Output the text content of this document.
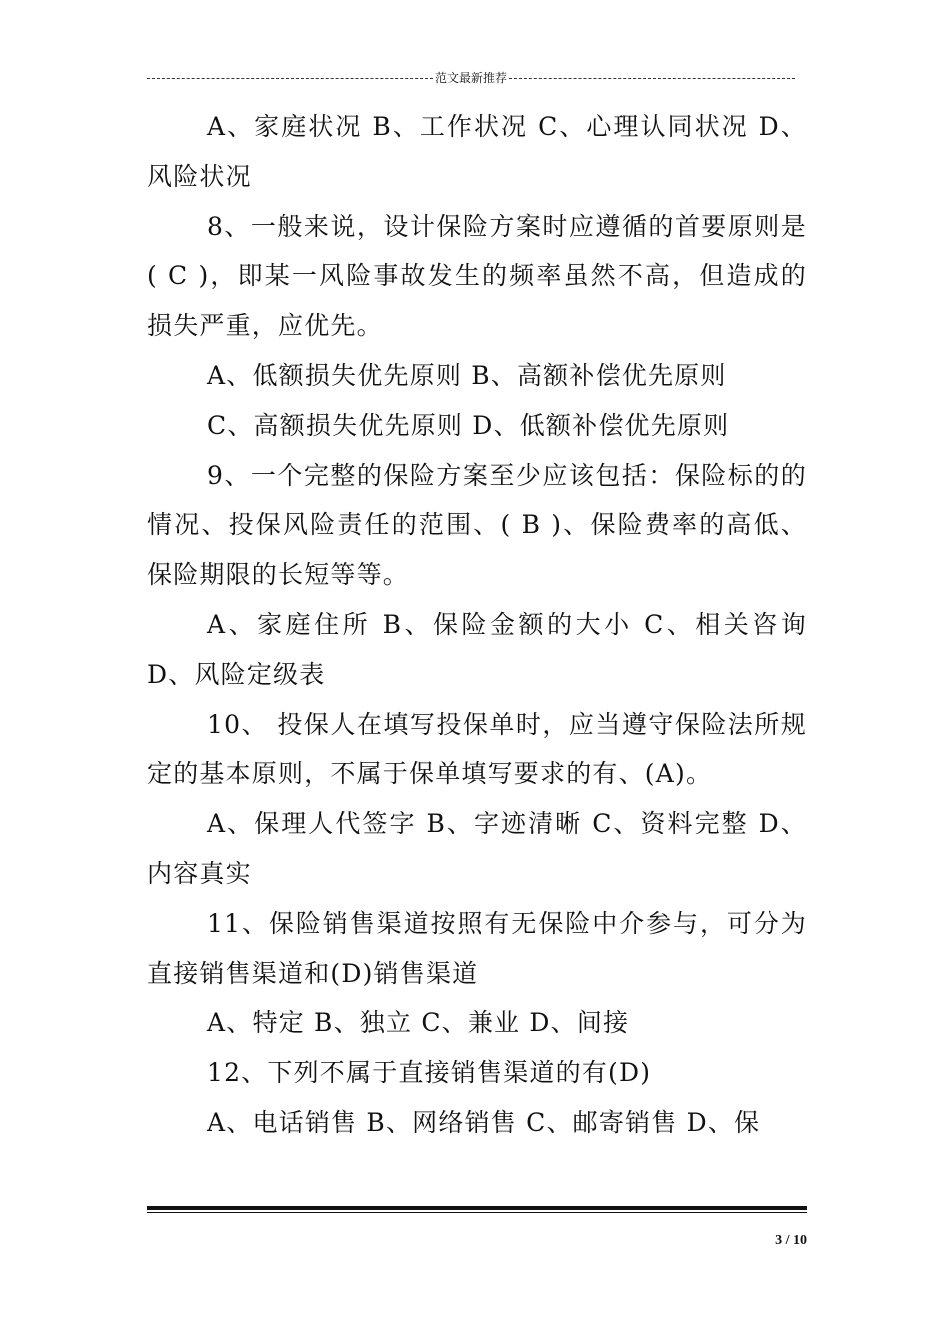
范文最新推荐

A、家庭状况 B、工作状况 C、心理认同状况 D、风险状况

8、一般来说，设计保险方案时应遵循的首要原则是( C )，即某一风险事故发生的频率虽然不高，但造成的损失严重，应优先。

A、低额损失优先原则 B、高额补偿优先原则

C、高额损失优先原则 D、低额补偿优先原则

9、一个完整的保险方案至少应该包括：保险标的的情况、投保风险责任的范围、( B )、保险费率的高低、保险期限的长短等等。

A、家庭住所 B、保险金额的大小 C、相关咨询 D、风险定级表

10、 投保人在填写投保单时，应当遵守保险法所规定的基本原则，不属于保单填写要求的有、(A)。

A、保理人代签字 B、字迹清晰 C、资料完整 D、内容真实

11、保险销售渠道按照有无保险中介参与，可分为直接销售渠道和(D)销售渠道

A、特定 B、独立 C、兼业 D、间接

12、下列不属于直接销售渠道的有(D)

A、电话销售 B、网络销售 C、邮寄销售 D、保

3 / 10
